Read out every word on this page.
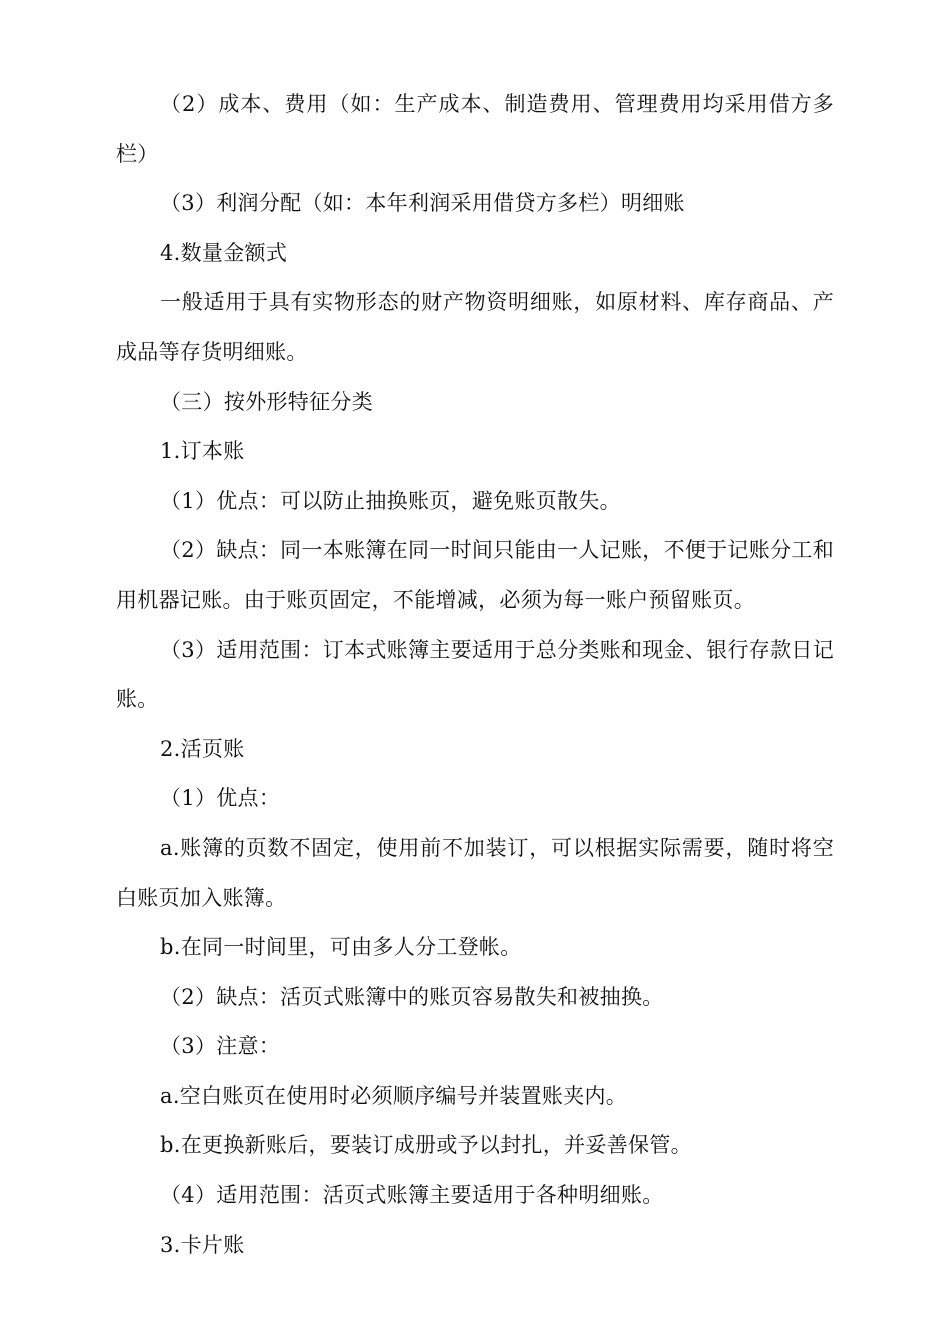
（2）成本、费用（如：生产成本、制造费用、管理费用均采用借方多栏）

（3）利润分配（如：本年利润采用借贷方多栏）明细账

4.数量金额式

一般适用于具有实物形态的财产物资明细账，如原材料、库存商品、产成品等存货明细账。

（三）按外形特征分类

1.订本账

（1）优点：可以防止抽换账页，避免账页散失。

（2）缺点：同一本账簿在同一时间只能由一人记账，不便于记账分工和用机器记账。由于账页固定，不能增减，必须为每一账户预留账页。

（3）适用范围：订本式账簿主要适用于总分类账和现金、银行存款日记账。

2.活页账

（1）优点：

a.账簿的页数不固定，使用前不加装订，可以根据实际需要，随时将空白账页加入账簿。

b.在同一时间里，可由多人分工登帐。

（2）缺点：活页式账簿中的账页容易散失和被抽换。

（3）注意：

a.空白账页在使用时必须顺序编号并装置账夹内。

b.在更换新账后，要装订成册或予以封扎，并妥善保管。

（4）适用范围：活页式账簿主要适用于各种明细账。

3.卡片账
